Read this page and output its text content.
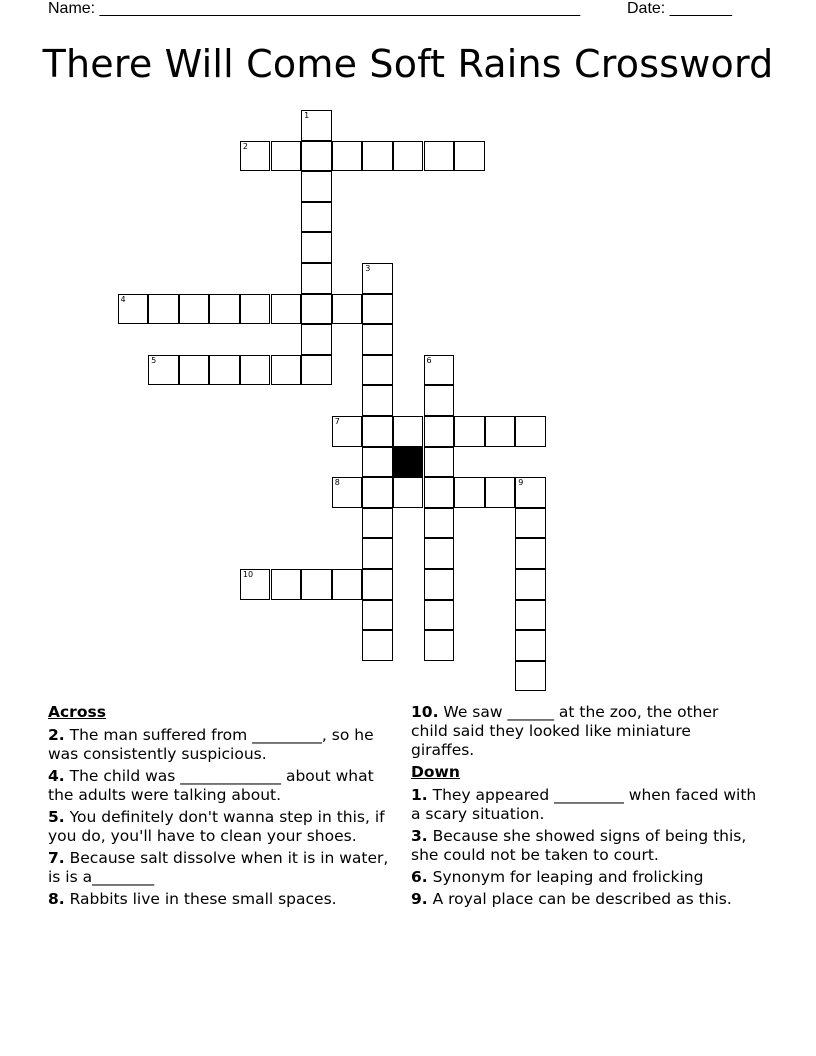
Name: ______________________________________________________	Date: _______
There Will Come Soft Rains Crossword
1
2
3
4
5	6
7
8	9
10
Across
2. The man suffered from _________, so he was consistently suspicious.
4. The child was _____________ about what the adults were talking about.
5. You definitely don't wanna step in this, if you do, you'll have to clean your shoes.
7. Because salt dissolve when it is in water, is is a________
8. Rabbits live in these small spaces.
10. We saw ______ at the zoo, the other child said they looked like miniature giraffes.
Down
1. They appeared _________ when faced with a scary situation.
3. Because she showed signs of being this, she could not be taken to court.
6. Synonym for leaping and frolicking
9. A royal place can be described as this.
